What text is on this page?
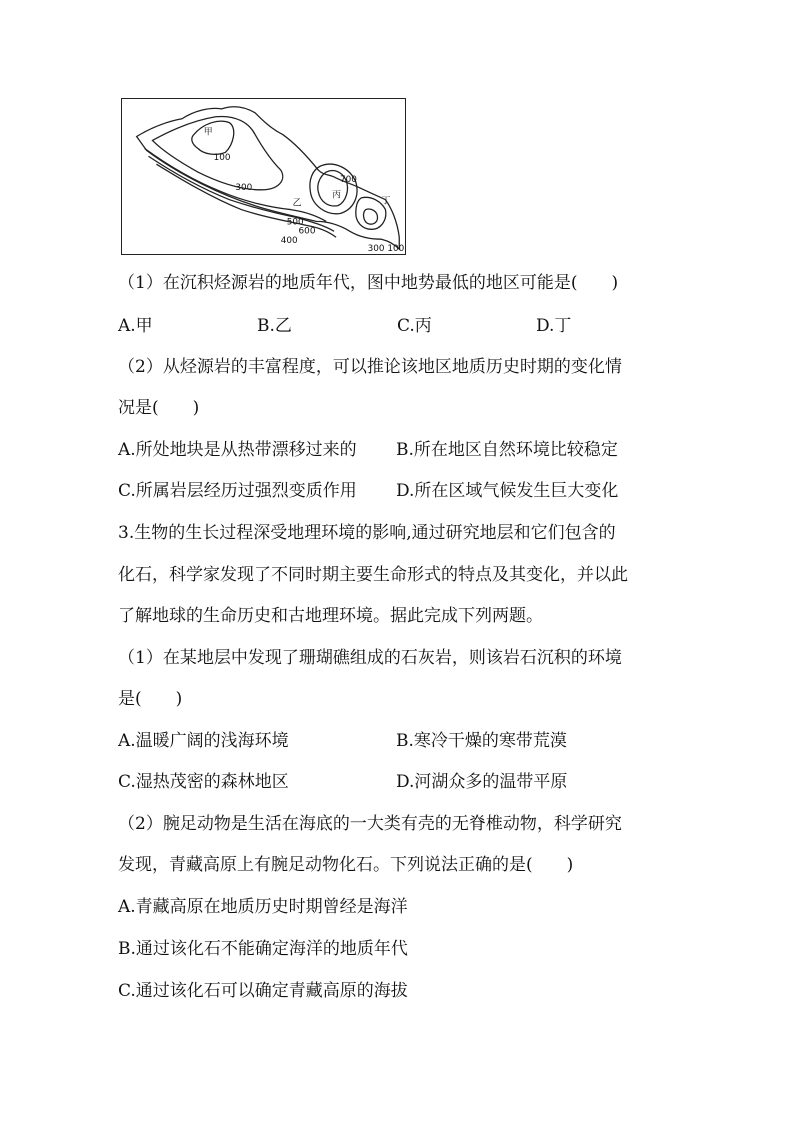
甲
乙
丙
丁
100
300
500
600
400
700
300 100
（1）在沉积烃源岩的地质年代，图中地势最低的地区可能是(　　)
A.甲	B.乙	C.丙	D.丁
（2）从烃源岩的丰富程度，可以推论该地区地质历史时期的变化情
况是(　　)
A.所处地块是从热带漂移过来的 B.所在地区自然环境比较稳定
C.所属岩层经历过强烈变质作用 D.所在区域气候发生巨大变化
3.生物的生长过程深受地理环境的影响,通过研究地层和它们包含的
化石，科学家发现了不同时期主要生命形式的特点及其变化，并以此
了解地球的生命历史和古地理环境。据此完成下列两题。
（1）在某地层中发现了珊瑚礁组成的石灰岩，则该岩石沉积的环境
是(　　)
A.温暖广阔的浅海环境	B.寒冷干燥的寒带荒漠
C.湿热茂密的森林地区	D.河湖众多的温带平原
（2）腕足动物是生活在海底的一大类有壳的无脊椎动物，科学研究
发现，青藏高原上有腕足动物化石。下列说法正确的是(　　)
A.青藏高原在地质历史时期曾经是海洋
B.通过该化石不能确定海洋的地质年代
C.通过该化石可以确定青藏高原的海拔
